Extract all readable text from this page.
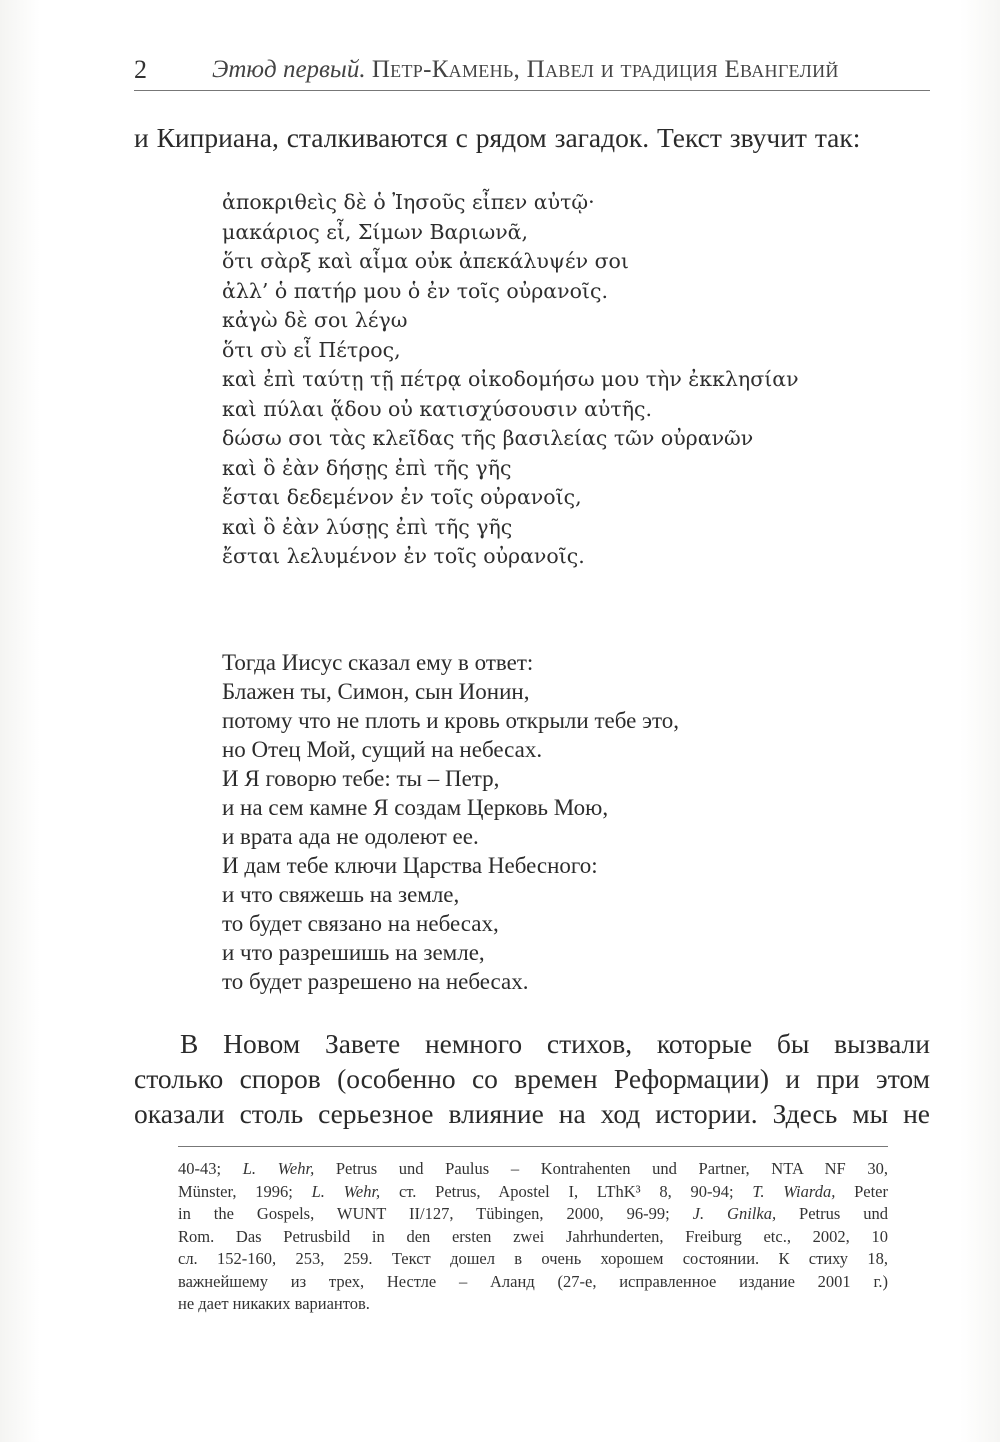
2	Этюд первый. Петр-Камень, Павел и традиция Евангелий
и Киприана, сталкиваются с рядом загадок. Текст звучит так:
ἀποκριθεὶς δὲ ὁ Ἰησοῦς εἶπεν αὐτῷ·
μακάριος εἶ, Σίμων Βαριωνᾶ,
ὅτι σὰρξ καὶ αἷμα οὐκ ἀπεκάλυψέν σοι
ἀλλ’ ὁ πατήρ μου ὁ ἐν τοῖς οὐρανοῖς.
κἀγὼ δὲ σοι λέγω
ὅτι σὺ εἶ Πέτρος,
καὶ ἐπὶ ταύτῃ τῇ πέτρᾳ οἰκοδομήσω μου τὴν ἐκκλησίαν
καὶ πύλαι ᾅδου οὐ κατισχύσουσιν αὐτῆς.
δώσω σοι τὰς κλεῖδας τῆς βασιλείας τῶν οὐρανῶν
καὶ ὃ ἐὰν δήσῃς ἐπὶ τῆς γῆς
ἔσται δεδεμένον ἐν τοῖς οὐρανοῖς,
καὶ ὃ ἐὰν λύσῃς ἐπὶ τῆς γῆς
ἔσται λελυμένον ἐν τοῖς οὐρανοῖς.
Тогда Иисус сказал ему в ответ:
Блажен ты, Симон, сын Ионин,
потому что не плоть и кровь открыли тебе это,
но Отец Мой, сущий на небесах.
И Я говорю тебе: ты – Петр,
и на сем камне Я создам Церковь Мою,
и врата ада не одолеют ее.
И дам тебе ключи Царства Небесного:
и что свяжешь на земле,
то будет связано на небесах,
и что разрешишь на земле,
то будет разрешено на небесах.
В Новом Завете немного стихов, которые бы вызвали
столько споров (особенно со времен Реформации) и при этом
оказали столь серьезное влияние на ход истории. Здесь мы не
40-43; L. Wehr, Petrus und Paulus – Kontrahenten und Partner, NTA NF 30,
Münster, 1996; L. Wehr, ст. Petrus, Apostel I, LThK³ 8, 90-94; T. Wiarda, Peter
in the Gospels, WUNT II/127, Tübingen, 2000, 96-99; J. Gnilka, Petrus und
Rom. Das Petrusbild in den ersten zwei Jahrhunderten, Freiburg etc., 2002, 10
сл. 152-160, 253, 259. Текст дошел в очень хорошем состоянии. К стиху 18,
важнейшему из трех, Нестле – Аланд (27-е, исправленное издание 2001 г.)
не дает никаких вариантов.
